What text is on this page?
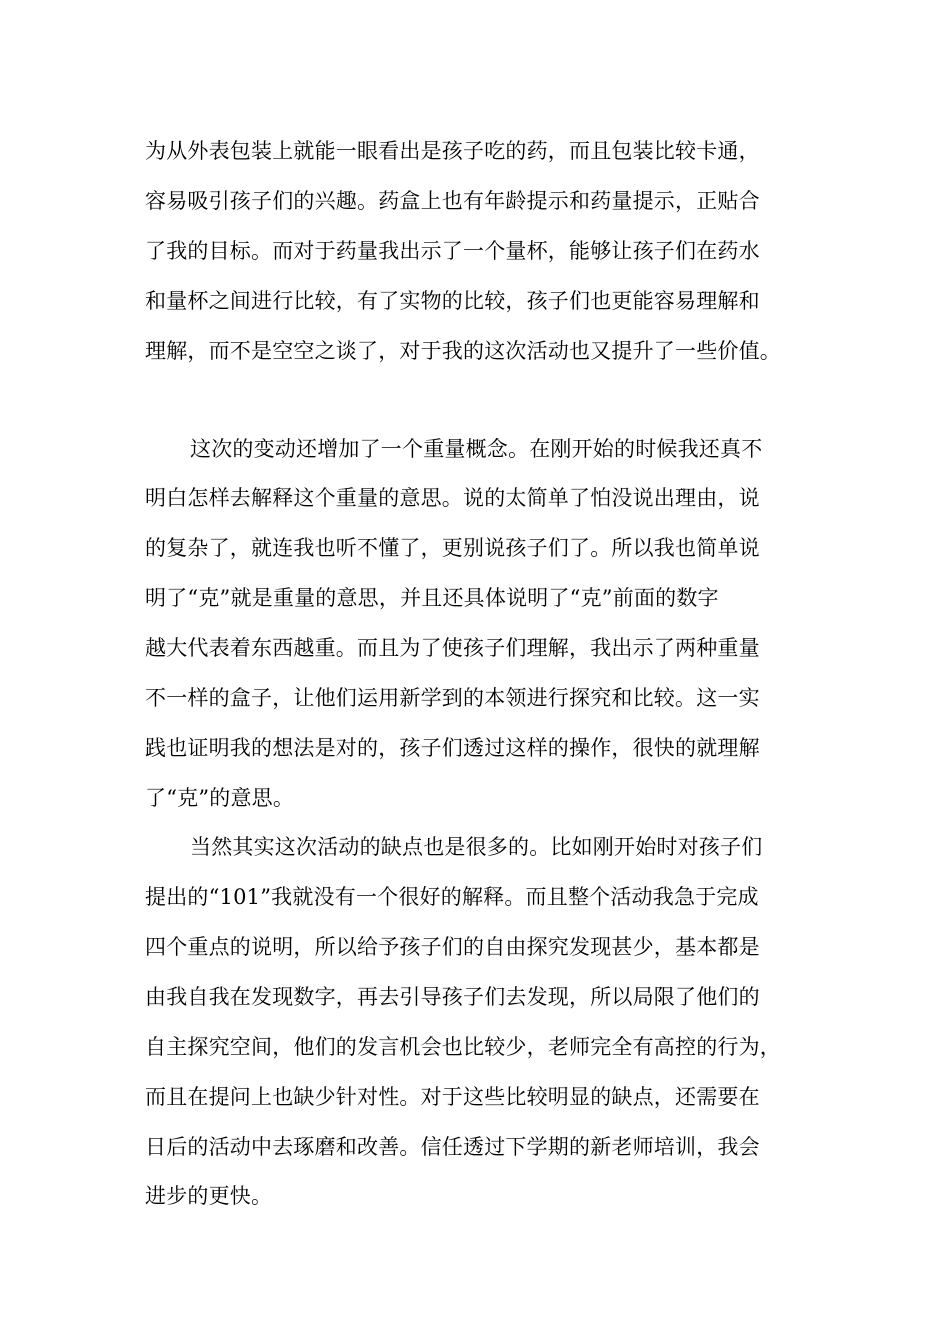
为从外表包装上就能一眼看出是孩子吃的药，而且包装比较卡通，
容易吸引孩子们的兴趣。药盒上也有年龄提示和药量提示，正贴合
了我的目标。而对于药量我出示了一个量杯，能够让孩子们在药水
和量杯之间进行比较，有了实物的比较，孩子们也更能容易理解和
理解，而不是空空之谈了，对于我的这次活动也又提升了一些价值。
这次的变动还增加了一个重量概念。在刚开始的时候我还真不
明白怎样去解释这个重量的意思。说的太简单了怕没说出理由，说
的复杂了，就连我也听不懂了，更别说孩子们了。所以我也简单说
明了“克”就是重量的意思，并且还具体说明了“克”前面的数字
越大代表着东西越重。而且为了使孩子们理解，我出示了两种重量
不一样的盒子，让他们运用新学到的本领进行探究和比较。这一实
践也证明我的想法是对的，孩子们透过这样的操作，很快的就理解
了“克”的意思。
当然其实这次活动的缺点也是很多的。比如刚开始时对孩子们
提出的“101”我就没有一个很好的解释。而且整个活动我急于完成
四个重点的说明，所以给予孩子们的自由探究发现甚少，基本都是
由我自我在发现数字，再去引导孩子们去发现，所以局限了他们的
自主探究空间，他们的发言机会也比较少，老师完全有高控的行为，
而且在提问上也缺少针对性。对于这些比较明显的缺点，还需要在
日后的活动中去琢磨和改善。信任透过下学期的新老师培训，我会
进步的更快。
